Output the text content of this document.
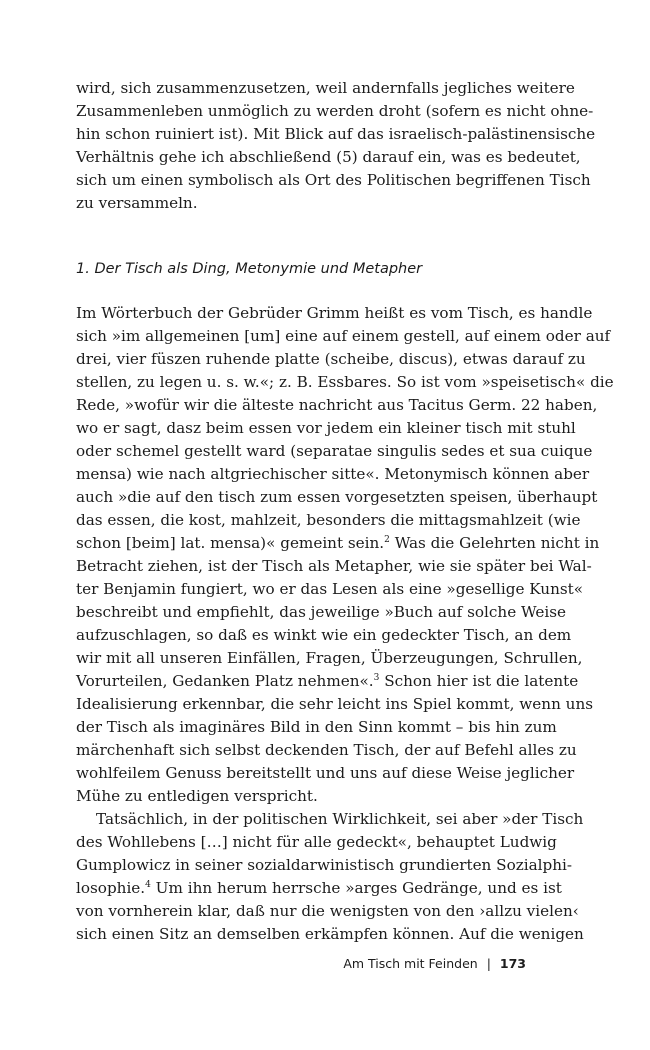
wird, sich zusammenzusetzen, weil andernfalls jegliches weitere
Zusammenleben unmöglich zu werden droht (sofern es nicht ohne-
hin schon ruiniert ist). Mit Blick auf das israelisch-palästinensische
Verhältnis gehe ich abschließend (5) darauf ein, was es bedeutet,
sich um einen symbolisch als Ort des Politischen begriffenen Tisch
zu versammeln.
1. Der Tisch als Ding, Metonymie und Metapher
Im Wörterbuch der Gebrüder Grimm heißt es vom Tisch, es handle
sich »im allgemeinen [um] eine auf einem gestell, auf einem oder auf
drei, vier füszen ruhende platte (scheibe, discus), etwas darauf zu
stellen, zu legen u. s. w.«; z. B. Essbares. So ist vom »speisetisch« die
Rede, »wofür wir die älteste nachricht aus Tacitus Germ. 22 haben,
wo er sagt, dasz beim essen vor jedem ein kleiner tisch mit stuhl
oder schemel gestellt ward (separatae singulis sedes et sua cuique
mensa) wie nach altgriechischer sitte«. Metonymisch können aber
auch »die auf den tisch zum essen vorgesetzten speisen, überhaupt
das essen, die kost, mahlzeit, besonders die mittagsmahlzeit (wie
schon [beim] lat. mensa)« gemeint sein.$^2$ Was die Gelehrten nicht in
Betracht ziehen, ist der Tisch als Metapher, wie sie später bei Wal-
ter Benjamin fungiert, wo er das Lesen als eine »gesellige Kunst«
beschreibt und empfiehlt, das jeweilige »Buch auf solche Weise
aufzuschlagen, so daß es winkt wie ein gedeckter Tisch, an dem
wir mit all unseren Einfällen, Fragen, Überzeugungen, Schrullen,
Vorurteilen, Gedanken Platz nehmen«.$^3$ Schon hier ist die latente
Idealisierung erkennbar, die sehr leicht ins Spiel kommt, wenn uns
der Tisch als imaginäres Bild in den Sinn kommt – bis hin zum
märchenhaft sich selbst deckenden Tisch, der auf Befehl alles zu
wohlfeilem Genuss bereitstellt und uns auf diese Weise jeglicher
Mühe zu entledigen verspricht.
Tatsächlich, in der politischen Wirklichkeit, sei aber »der Tisch
des Wohllebens […] nicht für alle gedeckt«, behauptet Ludwig
Gumplowicz in seiner sozialdarwinistisch grundierten Sozialphi-
losophie.$^4$ Um ihn herum herrsche »arges Gedränge, und es ist
von vornherein klar, daß nur die wenigsten von den ›allzu vielen‹
sich einen Sitz an demselben erkämpfen können. Auf die wenigen
Am Tisch mit Feinden | 173
